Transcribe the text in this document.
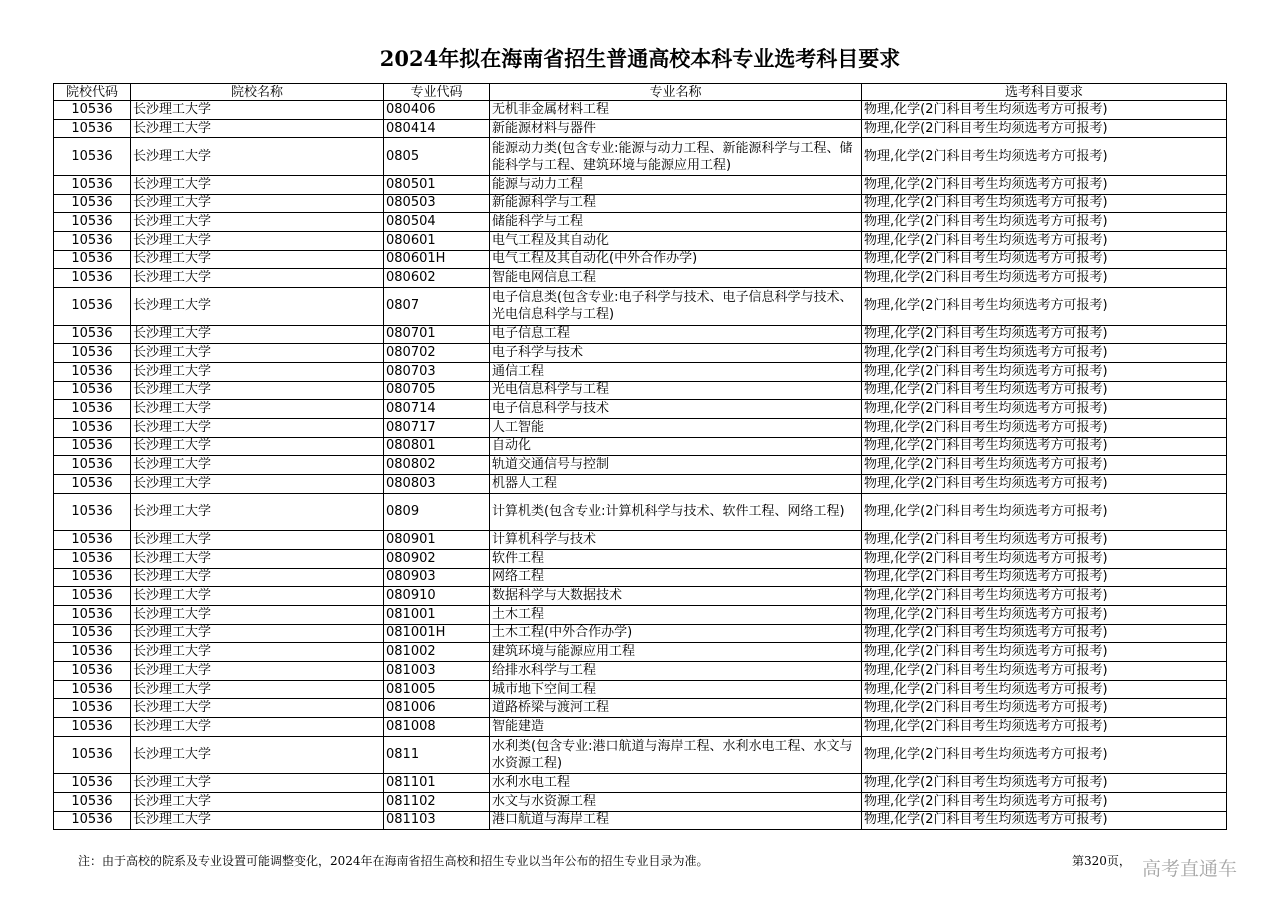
2024年拟在海南省招生普通高校本科专业选考科目要求
院校代码	院校名称	专业代码	专业名称	选考科目要求
10536	长沙理工大学	080406	无机非金属材料工程	物理,化学(2门科目考生均须选考方可报考)
10536	长沙理工大学	080414	新能源材料与器件	物理,化学(2门科目考生均须选考方可报考)
10536	长沙理工大学	0805	能源动力类(包含专业:能源与动力工程、新能源科学与工程、储能科学与工程、建筑环境与能源应用工程)	物理,化学(2门科目考生均须选考方可报考)
10536	长沙理工大学	080501	能源与动力工程	物理,化学(2门科目考生均须选考方可报考)
10536	长沙理工大学	080503	新能源科学与工程	物理,化学(2门科目考生均须选考方可报考)
10536	长沙理工大学	080504	储能科学与工程	物理,化学(2门科目考生均须选考方可报考)
10536	长沙理工大学	080601	电气工程及其自动化	物理,化学(2门科目考生均须选考方可报考)
10536	长沙理工大学	080601H	电气工程及其自动化(中外合作办学)	物理,化学(2门科目考生均须选考方可报考)
10536	长沙理工大学	080602	智能电网信息工程	物理,化学(2门科目考生均须选考方可报考)
10536	长沙理工大学	0807	电子信息类(包含专业:电子科学与技术、电子信息科学与技术、光电信息科学与工程)	物理,化学(2门科目考生均须选考方可报考)
10536	长沙理工大学	080701	电子信息工程	物理,化学(2门科目考生均须选考方可报考)
10536	长沙理工大学	080702	电子科学与技术	物理,化学(2门科目考生均须选考方可报考)
10536	长沙理工大学	080703	通信工程	物理,化学(2门科目考生均须选考方可报考)
10536	长沙理工大学	080705	光电信息科学与工程	物理,化学(2门科目考生均须选考方可报考)
10536	长沙理工大学	080714	电子信息科学与技术	物理,化学(2门科目考生均须选考方可报考)
10536	长沙理工大学	080717	人工智能	物理,化学(2门科目考生均须选考方可报考)
10536	长沙理工大学	080801	自动化	物理,化学(2门科目考生均须选考方可报考)
10536	长沙理工大学	080802	轨道交通信号与控制	物理,化学(2门科目考生均须选考方可报考)
10536	长沙理工大学	080803	机器人工程	物理,化学(2门科目考生均须选考方可报考)
10536	长沙理工大学	0809	计算机类(包含专业:计算机科学与技术、软件工程、网络工程)	物理,化学(2门科目考生均须选考方可报考)
10536	长沙理工大学	080901	计算机科学与技术	物理,化学(2门科目考生均须选考方可报考)
10536	长沙理工大学	080902	软件工程	物理,化学(2门科目考生均须选考方可报考)
10536	长沙理工大学	080903	网络工程	物理,化学(2门科目考生均须选考方可报考)
10536	长沙理工大学	080910	数据科学与大数据技术	物理,化学(2门科目考生均须选考方可报考)
10536	长沙理工大学	081001	土木工程	物理,化学(2门科目考生均须选考方可报考)
10536	长沙理工大学	081001H	土木工程(中外合作办学)	物理,化学(2门科目考生均须选考方可报考)
10536	长沙理工大学	081002	建筑环境与能源应用工程	物理,化学(2门科目考生均须选考方可报考)
10536	长沙理工大学	081003	给排水科学与工程	物理,化学(2门科目考生均须选考方可报考)
10536	长沙理工大学	081005	城市地下空间工程	物理,化学(2门科目考生均须选考方可报考)
10536	长沙理工大学	081006	道路桥梁与渡河工程	物理,化学(2门科目考生均须选考方可报考)
10536	长沙理工大学	081008	智能建造	物理,化学(2门科目考生均须选考方可报考)
10536	长沙理工大学	0811	水利类(包含专业:港口航道与海岸工程、水利水电工程、水文与水资源工程)	物理,化学(2门科目考生均须选考方可报考)
10536	长沙理工大学	081101	水利水电工程	物理,化学(2门科目考生均须选考方可报考)
10536	长沙理工大学	081102	水文与水资源工程	物理,化学(2门科目考生均须选考方可报考)
10536	长沙理工大学	081103	港口航道与海岸工程	物理,化学(2门科目考生均须选考方可报考)
注：由于高校的院系及专业设置可能调整变化，2024年在海南省招生高校和招生专业以当年公布的招生专业目录为准。	第320页， 高考直通车
